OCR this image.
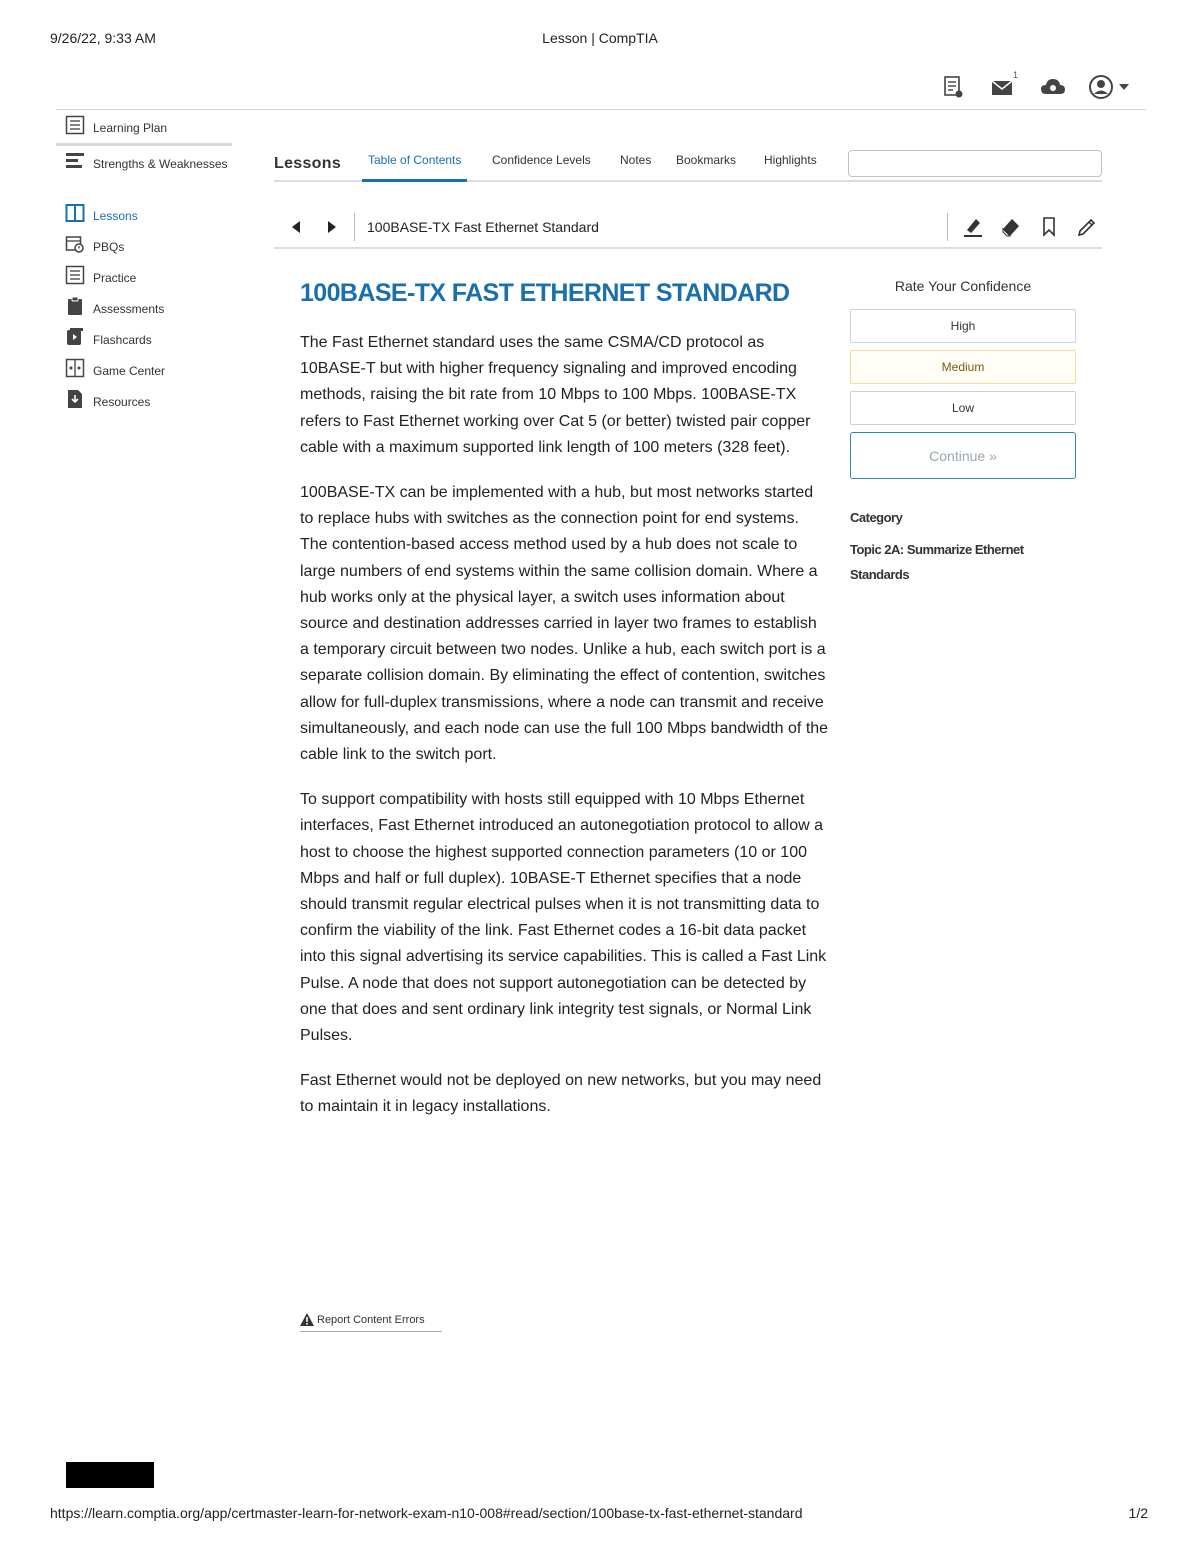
9/26/22, 9:33 AM	Lesson | CompTIA
1
Learning Plan
Strengths & Weaknesses
Lessons
PBQs
Practice
Assessments
Flashcards
Game Center
Resources
Lessons	Table of Contents	Confidence Levels Notes Bookmarks Highlights
100BASE-TX Fast Ethernet Standard
100BASE-TX FAST ETHERNET STANDARD

The Fast Ethernet standard uses the same CSMA/CD protocol as 10BASE-T but with higher frequency signaling and improved encoding methods, raising the bit rate from 10 Mbps to 100 Mbps. 100BASE-TX refers to Fast Ethernet working over Cat 5 (or better) twisted pair copper cable with a maximum supported link length of 100 meters (328 feet).

100BASE-TX can be implemented with a hub, but most networks started to replace hubs with switches as the connection point for end systems. The contention-based access method used by a hub does not scale to large numbers of end systems within the same collision domain. Where a hub works only at the physical layer, a switch uses information about source and destination addresses carried in layer two frames to establish a temporary circuit between two nodes. Unlike a hub, each switch port is a separate collision domain. By eliminating the effect of contention, switches allow for full-duplex transmissions, where a node can transmit and receive simultaneously, and each node can use the full 100 Mbps bandwidth of the cable link to the switch port.

To support compatibility with hosts still equipped with 10 Mbps Ethernet interfaces, Fast Ethernet introduced an autonegotiation protocol to allow a host to choose the highest supported connection parameters (10 or 100 Mbps and half or full duplex). 10BASE-T Ethernet specifies that a node should transmit regular electrical pulses when it is not transmitting data to confirm the viability of the link. Fast Ethernet codes a 16-bit data packet into this signal advertising its service capabilities. This is called a Fast Link Pulse. A node that does not support autonegotiation can be detected by one that does and sent ordinary link integrity test signals, or Normal Link Pulses.

Fast Ethernet would not be deployed on new networks, but you may need to maintain it in legacy installations.

Report Content Errors
Rate Your Confidence
High
Medium
Low
Continue »
Category
Topic 2A: Summarize Ethernet Standards
https://learn.comptia.org/app/certmaster-learn-for-network-exam-n10-008#read/section/100base-tx-fast-ethernet-standard	1/2
